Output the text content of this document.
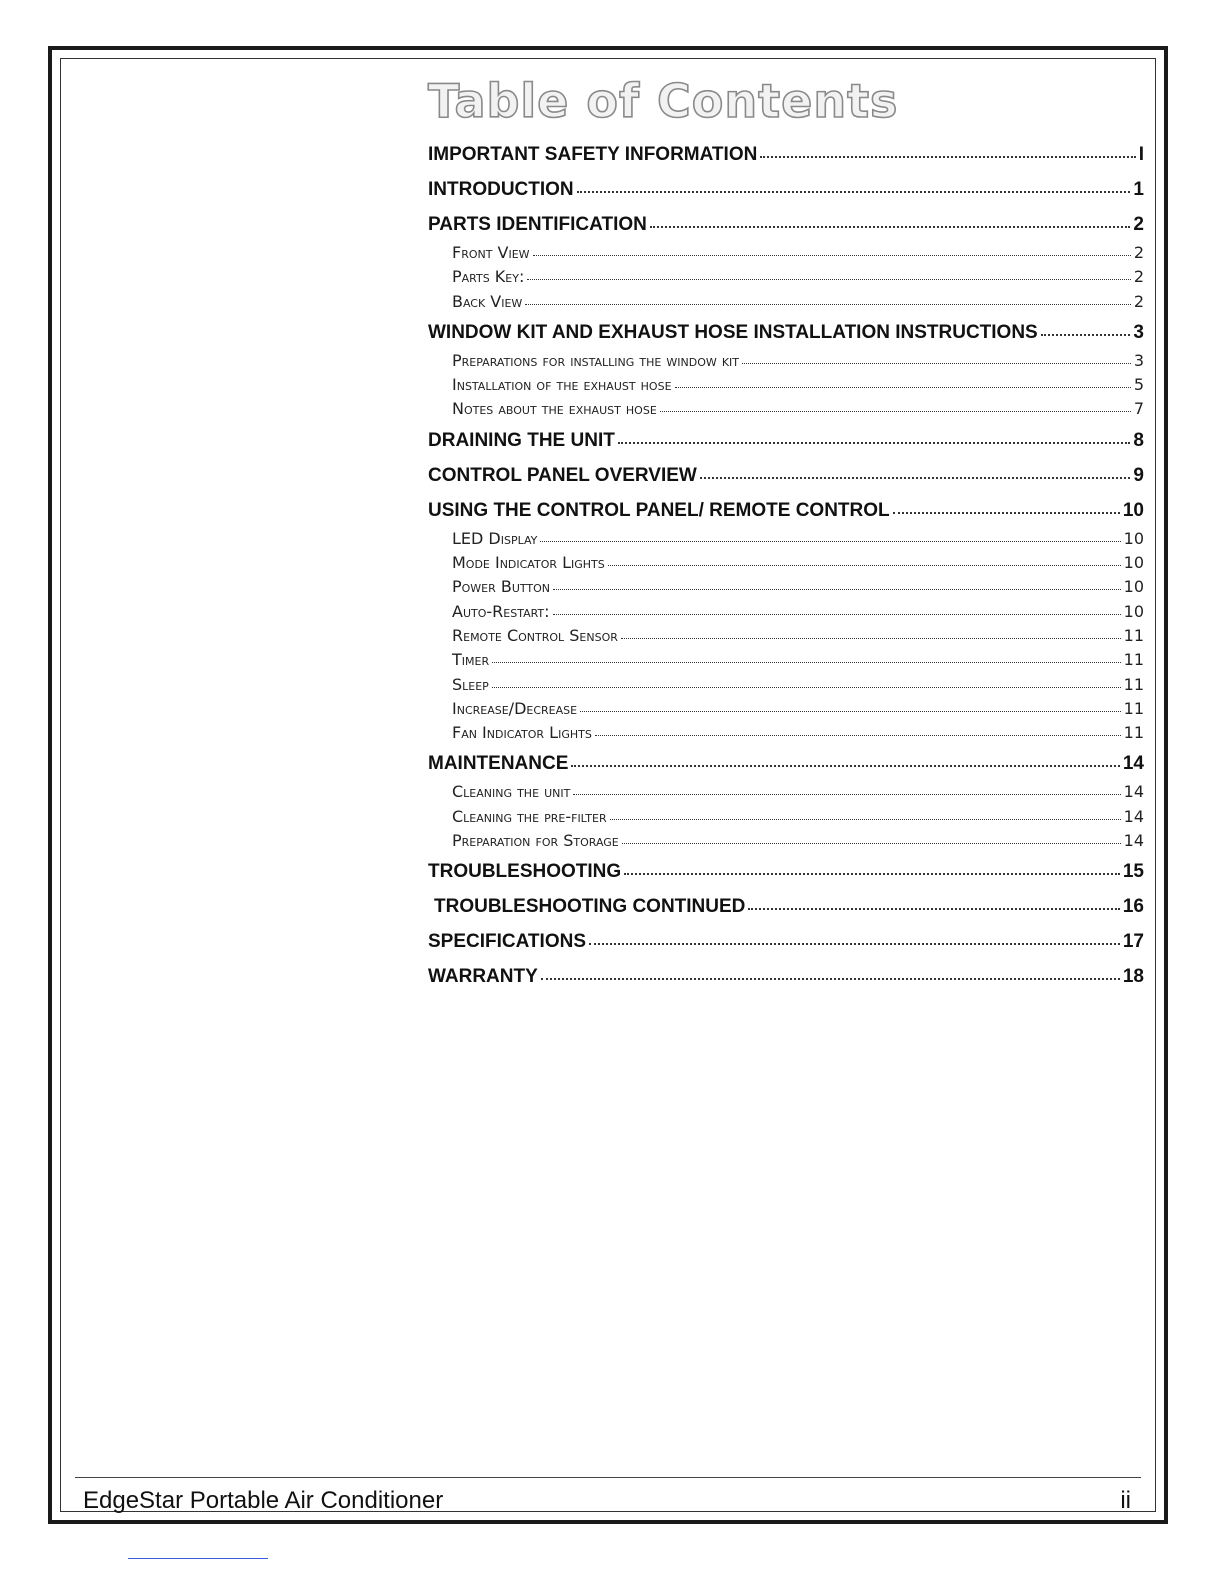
EdgeStar Portable Air Conditioner	ii
Table of Contents
IMPORTANT SAFETY INFORMATION	I
INTRODUCTION	1
PARTS IDENTIFICATION	2
Front View	2
Parts Key:	2
Back View	2
WINDOW KIT AND EXHAUST HOSE INSTALLATION INSTRUCTIONS	3
Preparations for installing the window kit	3
Installation of the exhaust hose	5
Notes about the exhaust hose	7
DRAINING THE UNIT	8
CONTROL PANEL OVERVIEW	9
USING THE CONTROL PANEL/ REMOTE CONTROL	10
LED Display	10
Mode Indicator Lights	10
Power Button	10
Auto-Restart:	10
Remote Control Sensor	11
Timer	11
Sleep	11
Increase/Decrease	11
Fan Indicator Lights	11
MAINTENANCE	14
Cleaning the unit	14
Cleaning the pre-filter	14
Preparation for Storage	14
TROUBLESHOOTING	15
TROUBLESHOOTING CONTINUED	16
SPECIFICATIONS	17
WARRANTY	18
